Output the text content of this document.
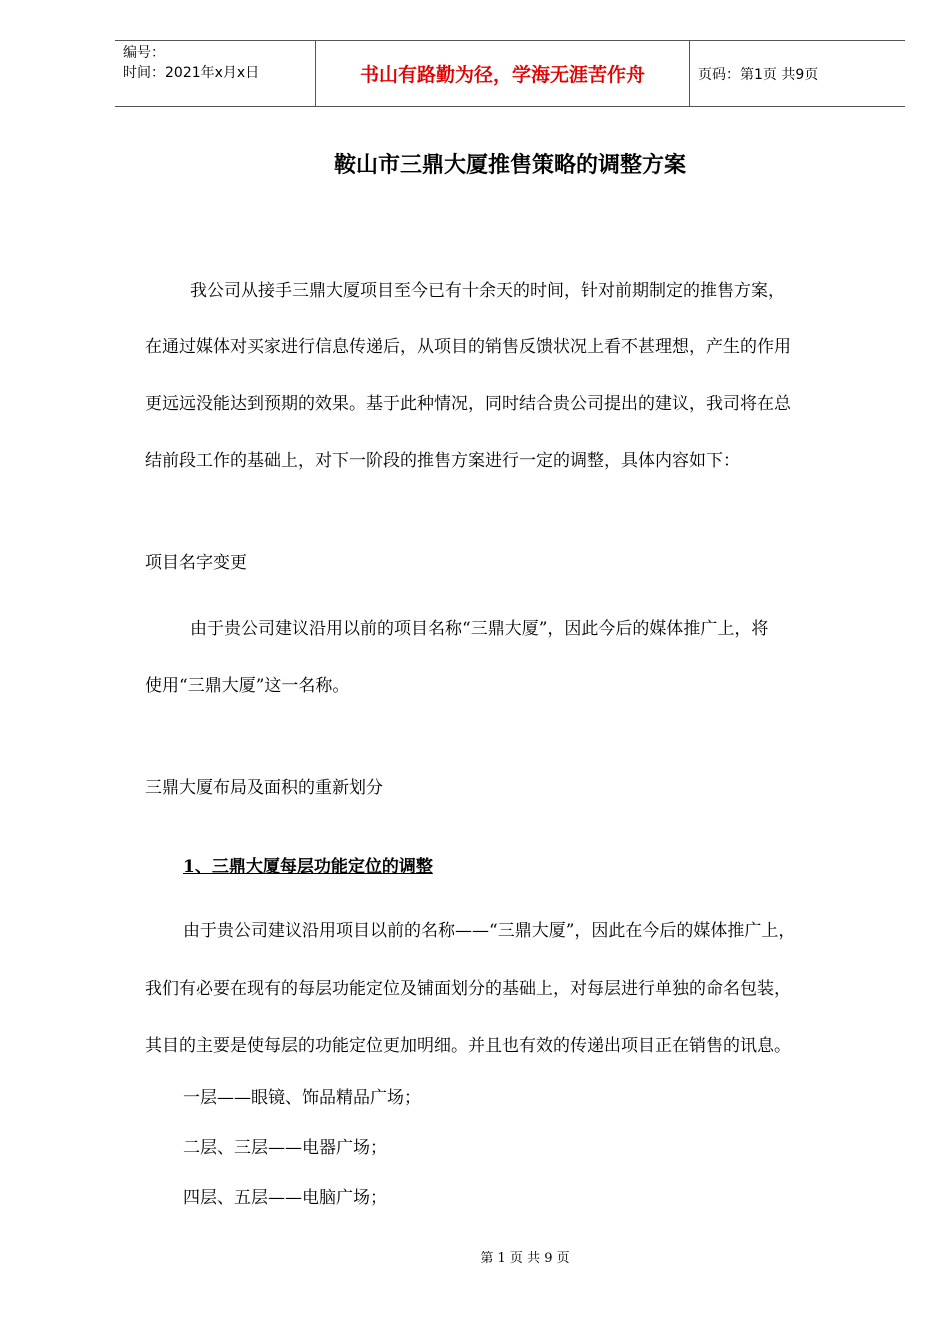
编号：
时间：2021年x月x日	书山有路勤为径，学海无涯苦作舟	页码：第1页 共9页
鞍山市三鼎大厦推售策略的调整方案
我公司从接手三鼎大厦项目至今已有十余天的时间，针对前期制定的推售方案，
在通过媒体对买家进行信息传递后，从项目的销售反馈状况上看不甚理想，产生的作用
更远远没能达到预期的效果。基于此种情况，同时结合贵公司提出的建议，我司将在总
结前段工作的基础上，对下一阶段的推售方案进行一定的调整，具体内容如下：
项目名字变更
由于贵公司建议沿用以前的项目名称“三鼎大厦”，因此今后的媒体推广上，将
使用“三鼎大厦”这一名称。
三鼎大厦布局及面积的重新划分
1、三鼎大厦每层功能定位的调整
由于贵公司建议沿用项目以前的名称——“三鼎大厦”，因此在今后的媒体推广上，
我们有必要在现有的每层功能定位及铺面划分的基础上，对每层进行单独的命名包装，
其目的主要是使每层的功能定位更加明细。并且也有效的传递出项目正在销售的讯息。
一层——眼镜、饰品精品广场；
二层、三层——电器广场；
四层、五层——电脑广场；
第 1 页 共 9 页
